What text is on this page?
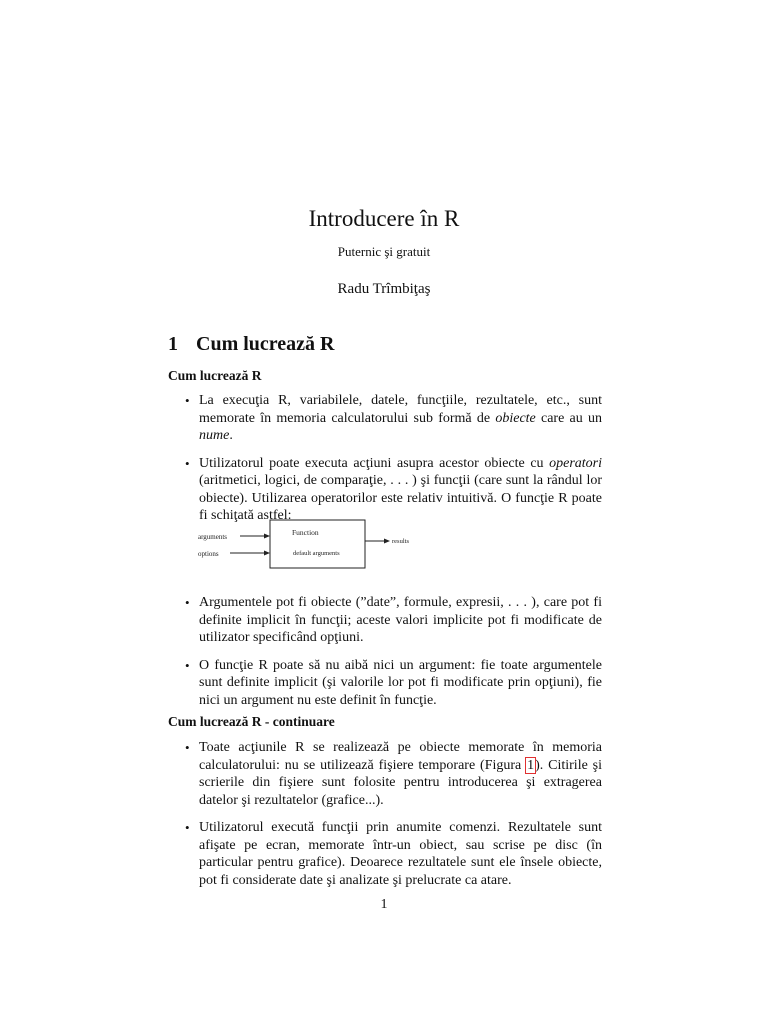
Introducere în R
Puternic şi gratuit
Radu Trîmbiţaş
1 Cum lucrează R
Cum lucrează R
• La execuţia R, variabilele, datele, funcţiile, rezultatele, etc., sunt memorate în memoria calculatorului sub formă de obiecte care au un nume.
• Utilizatorul poate executa acţiuni asupra acestor obiecte cu operatori (aritmetici, logici, de comparaţie, . . . ) şi funcţii (care sunt la rândul lor obiecte). Utilizarea operatorilor este relativ intuitivă. O funcţie R poate fi schiţată astfel:
arguments
options
Function
default arguments
results
• Argumentele pot fi obiecte (”date”, formule, expresii, . . . ), care pot fi definite implicit în funcţii; aceste valori implicite pot fi modificate de utilizator specificând opţiuni.
• O funcţie R poate să nu aibă nici un argument: fie toate argumentele sunt definite implicit (şi valorile lor pot fi modificate prin opţiuni), fie nici un argument nu este definit în funcţie.
Cum lucrează R - continuare
• Toate acţiunile R se realizează pe obiecte memorate în memoria calculatorului: nu se utilizează fişiere temporare (Figura 1). Citirile şi scrierile din fişiere sunt folosite pentru introducerea şi extragerea datelor şi rezultatelor (grafice...).
• Utilizatorul execută funcţii prin anumite comenzi. Rezultatele sunt afişate pe ecran, memorate într-un obiect, sau scrise pe disc (în particular pentru grafice). Deoarece rezultatele sunt ele însele obiecte, pot fi considerate date şi analizate şi prelucrate ca atare.
1
